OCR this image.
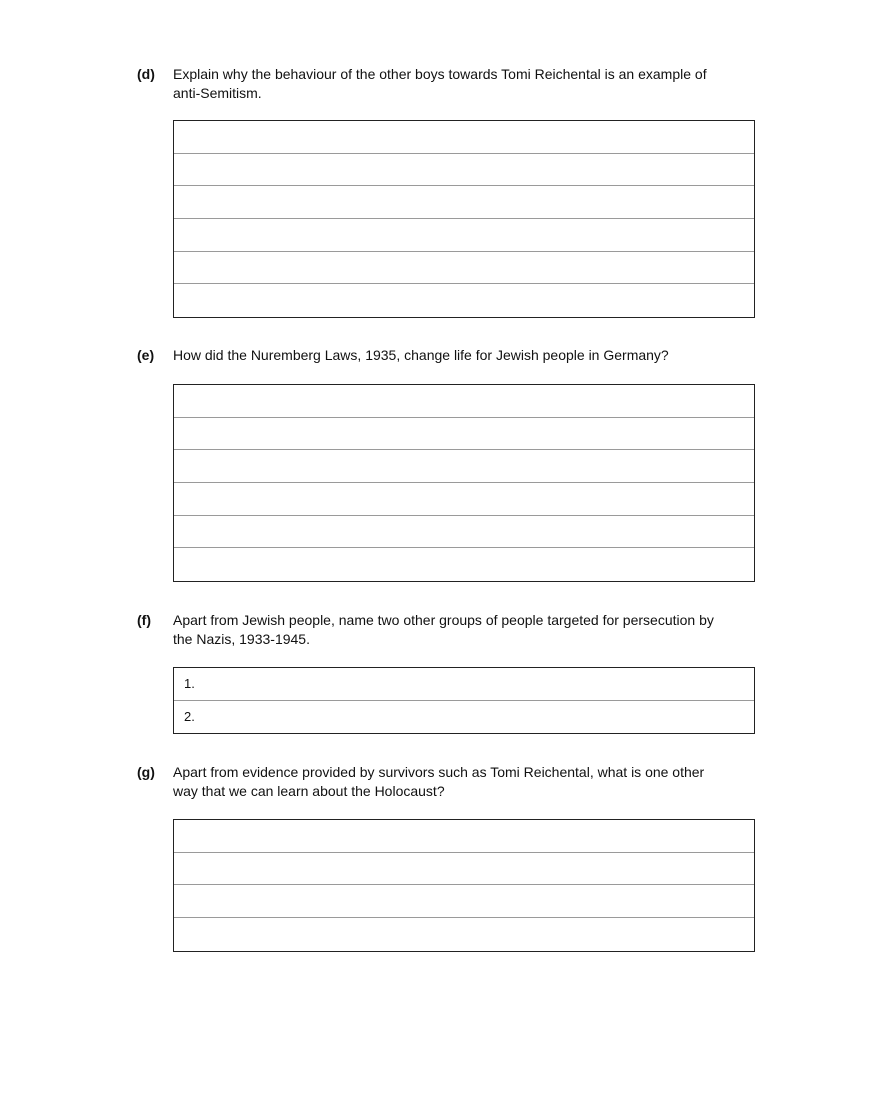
(d)	Explain why the behaviour of the other boys towards Tomi Reichental is an example of anti-Semitism.
(e)	How did the Nuremberg Laws, 1935, change life for Jewish people in Germany?
(f)	Apart from Jewish people, name two other groups of people targeted for persecution by the Nazis, 1933-1945.
1.
2.
(g)	Apart from evidence provided by survivors such as Tomi Reichental, what is one other way that we can learn about the Holocaust?
